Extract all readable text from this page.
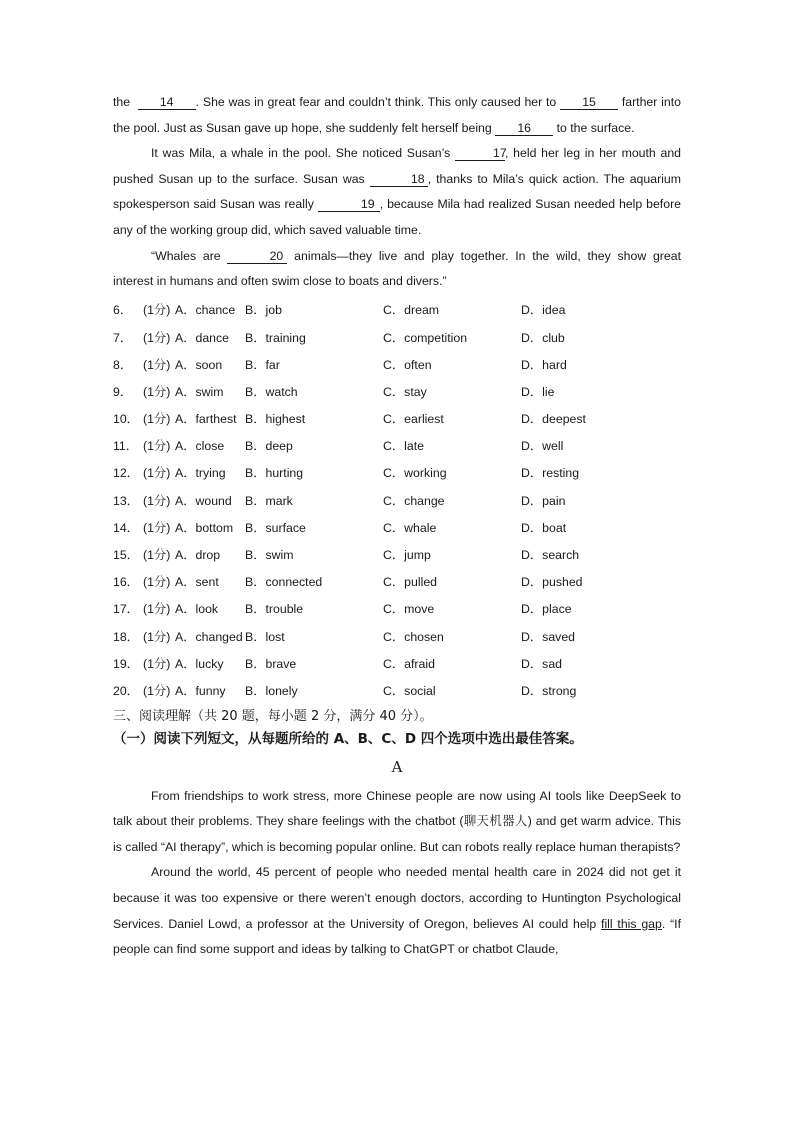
the 14 . She was in great fear and couldn’t think. This only caused her to 15 farther into the pool. Just as Susan gave up hope, she suddenly felt herself being 16 to the surface.

It was Mila, a whale in the pool. She noticed Susan’s	17, held her leg in her mouth and pushed Susan up to the surface. Susan was	18 , thanks to Mila’s quick action. The aquarium spokesperson said Susan was really	19 , because Mila had realized Susan needed help before any of the working group did, which saved valuable time.

“Whales are	20 animals—they live and play together. In the wild, they show great interest in humans and often swim close to boats and divers.”

6． (1分) A．chance B．job	C．dream	D．idea
7． (1分) A．dance	B．training	C．competition	D．club
8． (1分) A．soon	B．far	C．often	D．hard
9． (1分) A．swim	B．watch	C．stay	D．lie
10． (1分) A．farthest B．highest	C．earliest	D．deepest
11． (1分) A．close	B．deep	C．late	D．well
12． (1分) A．trying	B．hurting	C．working	D．resting
13． (1分) A．wound	B．mark	C．change	D．pain
14． (1分) A．bottom B．surface	C．whale	D．boat
15． (1分) A．drop	B．swim	C．jump	D．search
16． (1分) A．sent	B．connected	C．pulled	D．pushed
17． (1分) A．look	B．trouble	C．move	D．place
18． (1分) A．changed B．lost	C．chosen	D．saved
19． (1分) A．lucky	B．brave	C．afraid	D．sad
20． (1分) A．funny	B．lonely	C．social	D．strong
三、阅读理解（共 20 题，每小题 2 分，满分 40 分）。
（一）阅读下列短文，从每题所给的 A、B、C、D 四个选项中选出最佳答案。
A

From friendships to work stress, more Chinese people are now using AI tools like DeepSeek to talk about their problems. They share feelings with the chatbot (聊天机器人) and get warm advice. This is called “AI therapy”, which is becoming popular online. But can robots really replace human therapists?

Around the world, 45 percent of people who needed mental health care in 2024 did not get it because it was too expensive or there weren’t enough doctors, according to Huntington Psychological Services. Daniel Lowd, a professor at the University of Oregon, believes AI could help fill this gap. “If people can find some support and ideas by talking to ChatGPT or chatbot Claude,
